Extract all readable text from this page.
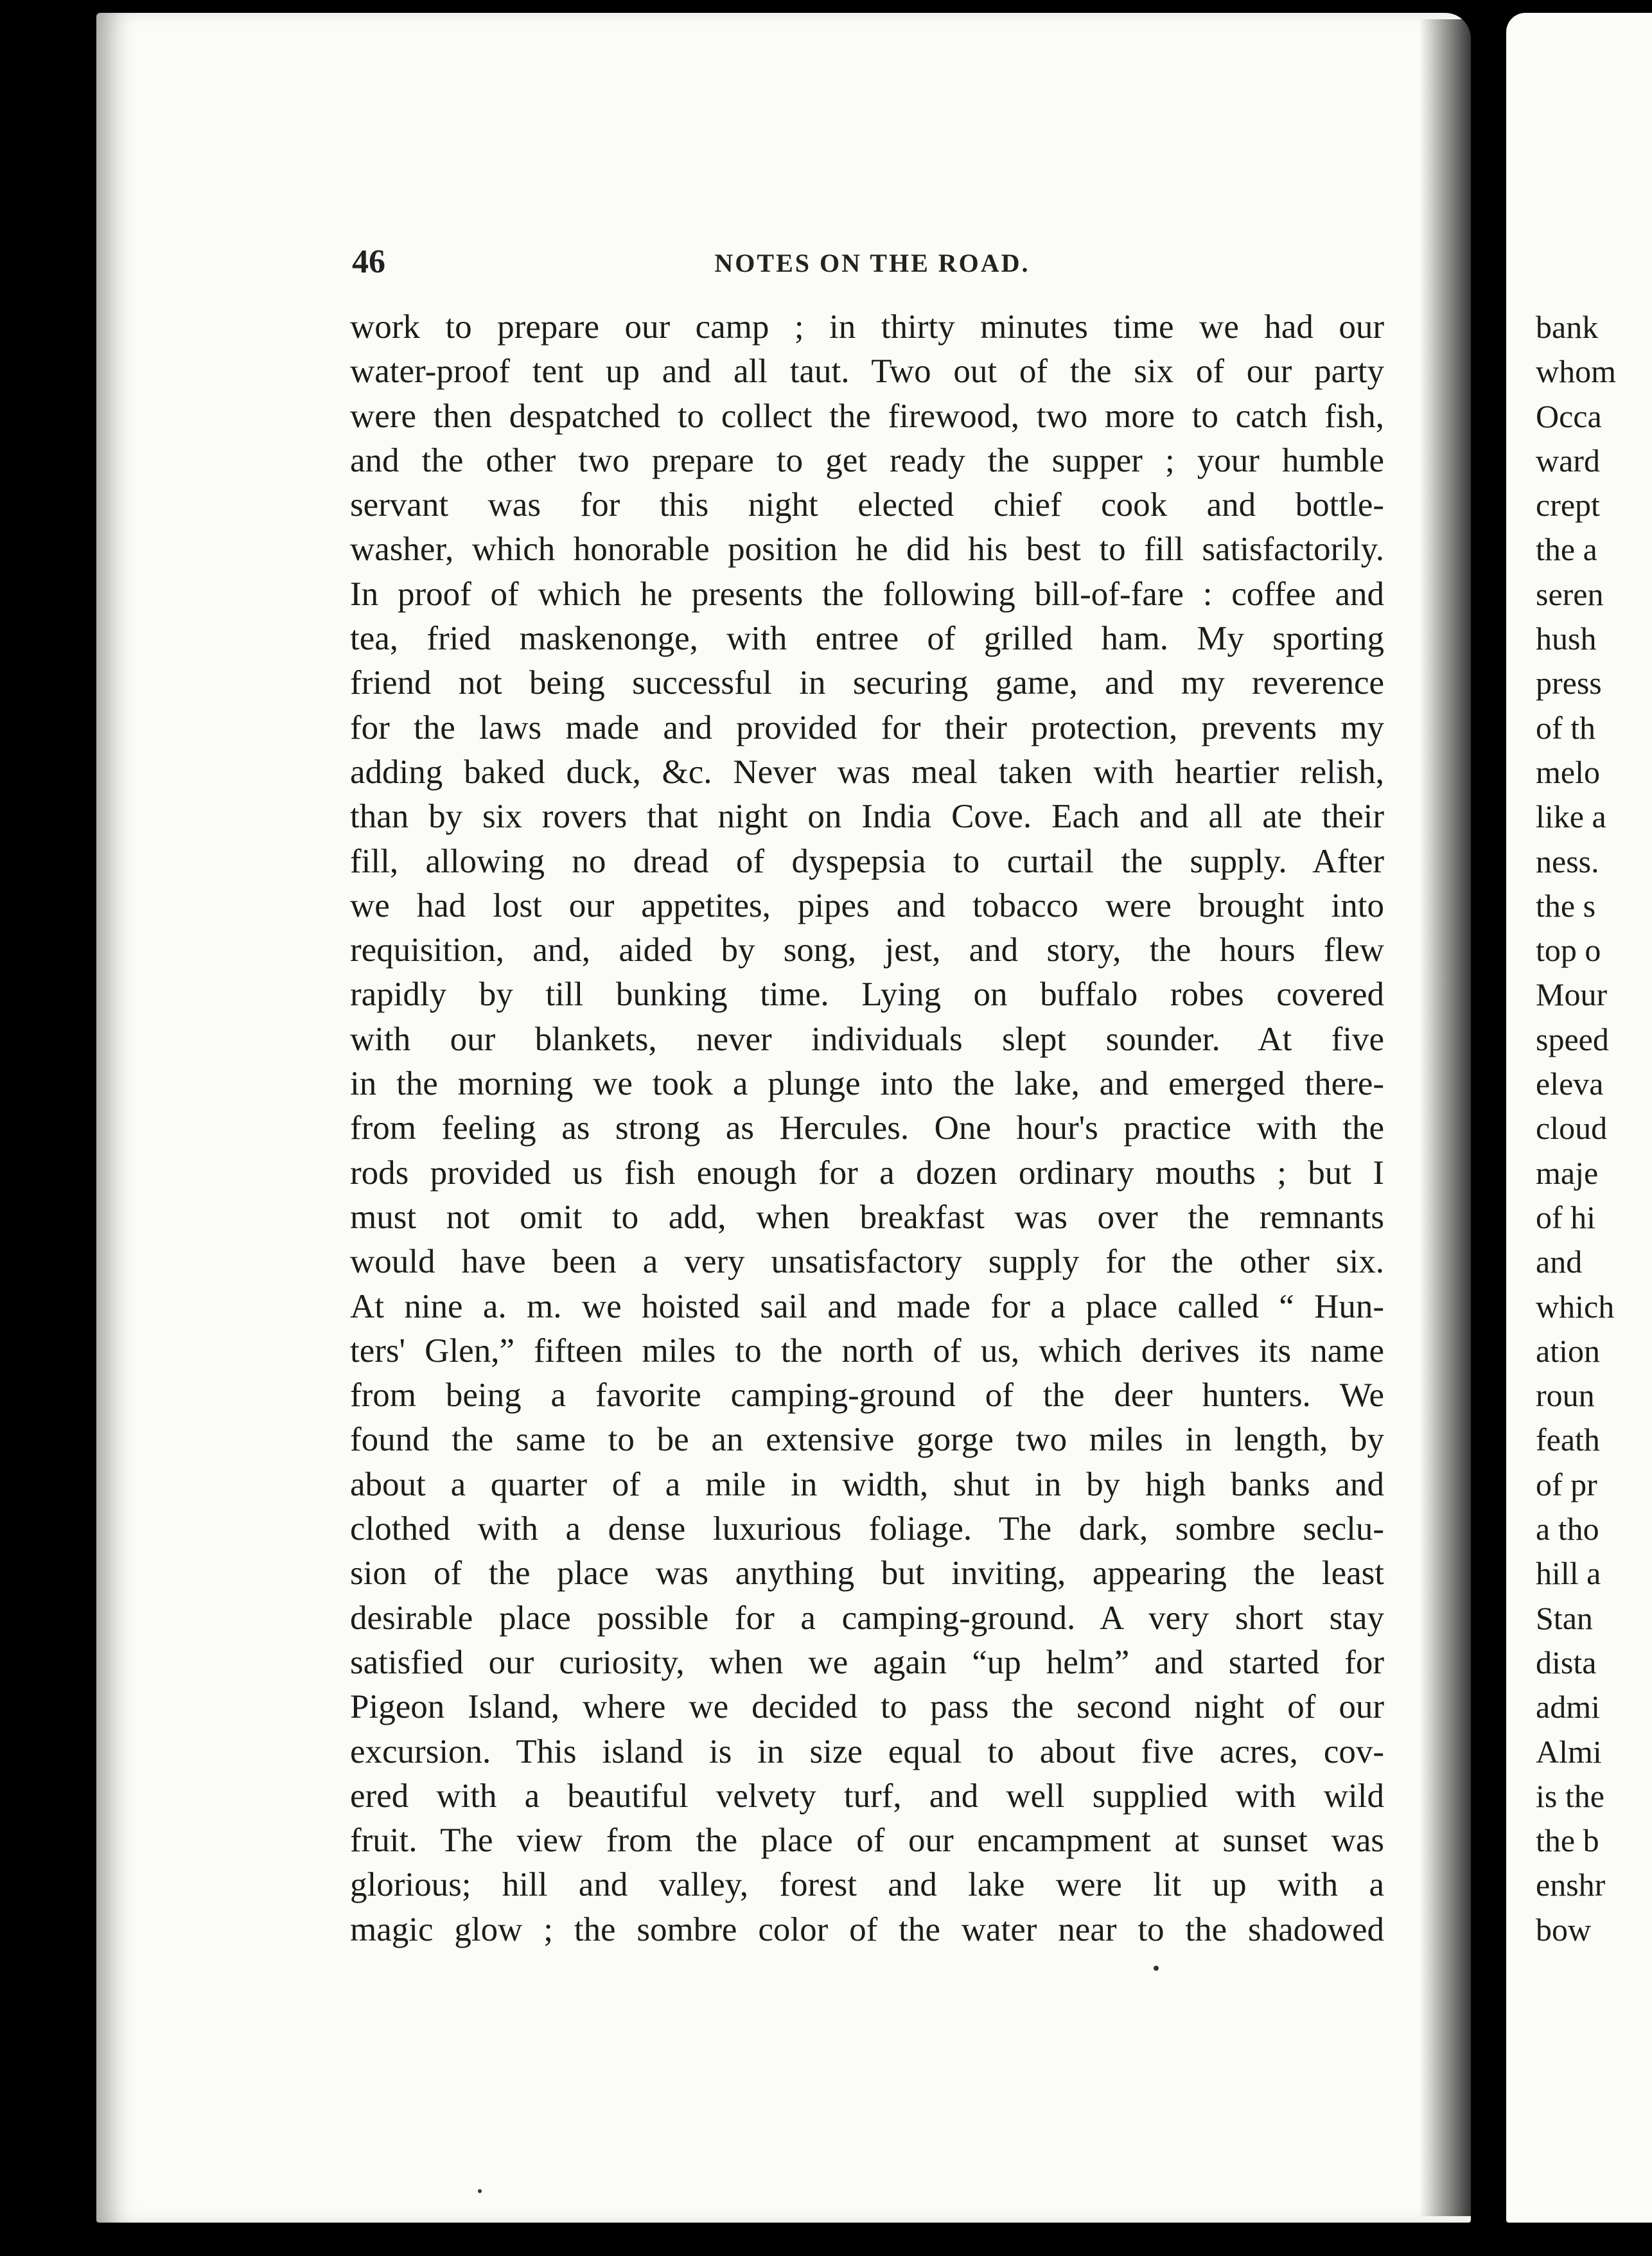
46	NOTES ON THE ROAD.
work to prepare our camp ; in thirty minutes time we had our
water-proof tent up and all taut. Two out of the six of our party
were then despatched to collect the firewood, two more to catch fish,
and the other two prepare to get ready the supper ; your humble
servant was for this night elected chief cook and bottle-
washer, which honorable position he did his best to fill satisfactorily.
In proof of which he presents the following bill-of-fare : coffee and
tea, fried maskenonge, with entree of grilled ham. My sporting
friend not being successful in securing game, and my reverence
for the laws made and provided for their protection, prevents my
adding baked duck, &c. Never was meal taken with heartier relish,
than by six rovers that night on India Cove. Each and all ate their
fill, allowing no dread of dyspepsia to curtail the supply. After
we had lost our appetites, pipes and tobacco were brought into
requisition, and, aided by song, jest, and story, the hours flew
rapidly by till bunking time. Lying on buffalo robes covered
with our blankets, never individuals slept sounder. At five
in the morning we took a plunge into the lake, and emerged there-
from feeling as strong as Hercules. One hour's practice with the
rods provided us fish enough for a dozen ordinary mouths ; but I
must not omit to add, when breakfast was over the remnants
would have been a very unsatisfactory supply for the other six.
At nine a. m. we hoisted sail and made for a place called “ Hun-
ters' Glen,” fifteen miles to the north of us, which derives its name
from being a favorite camping-ground of the deer hunters. We
found the same to be an extensive gorge two miles in length, by
about a quarter of a mile in width, shut in by high banks and
clothed with a dense luxurious foliage. The dark, sombre seclu-
sion of the place was anything but inviting, appearing the least
desirable place possible for a camping-ground. A very short stay
satisfied our curiosity, when we again “up helm” and started for
Pigeon Island, where we decided to pass the second night of our
excursion. This island is in size equal to about five acres, cov-
ered with a beautiful velvety turf, and well supplied with wild
fruit. The view from the place of our encampment at sunset was
glorious; hill and valley, forest and lake were lit up with a
magic glow ; the sombre color of the water near to the shadowed
bank
whom
Occa
ward
crept
the a
seren
hush
press
of th
melo
like a
ness.
the s
top o
Mour
speed
eleva
cloud
maje
of hi
and
which
ation
roun
feath
of pr
a tho
hill a
Stan
dista
admi
Almi
is the
the b
enshr
bow
